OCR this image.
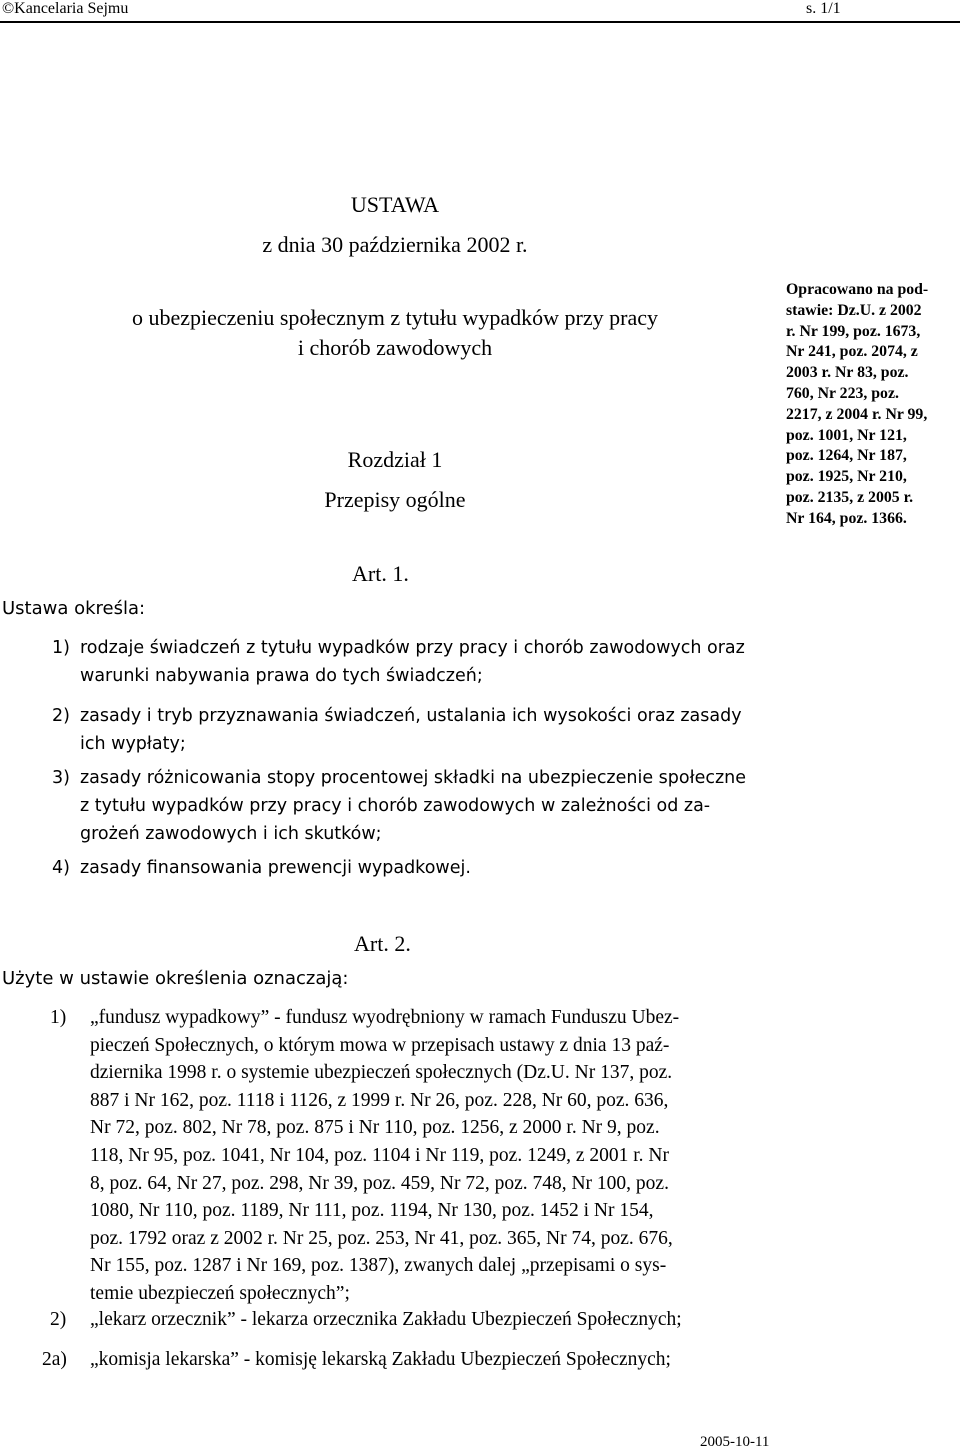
©Kancelaria Sejmu	s. 1/1
USTAWA
z dnia 30 października 2002 r.
o ubezpieczeniu społecznym z tytułu wypadków przy pracy
i chorób zawodowych
Opracowano na pod-
stawie: Dz.U. z 2002
r. Nr 199, poz. 1673,
Nr 241, poz. 2074, z
2003 r. Nr 83, poz.
760, Nr 223, poz.
2217, z 2004 r. Nr 99,
poz. 1001, Nr 121,
poz. 1264, Nr 187,
poz. 1925, Nr 210,
poz. 2135, z 2005 r.
Nr 164, poz. 1366.
Rozdział 1
Przepisy ogólne
Art. 1.
Ustawa określa:
1) rodzaje świadczeń z tytułu wypadków przy pracy i chorób zawodowych oraz
warunki nabywania prawa do tych świadczeń;
2) zasady i tryb przyznawania świadczeń, ustalania ich wysokości oraz zasady
ich wypłaty;
3) zasady różnicowania stopy procentowej składki na ubezpieczenie społeczne
z tytułu wypadków przy pracy i chorób zawodowych w zależności od za-
grożeń zawodowych i ich skutków;
4) zasady finansowania prewencji wypadkowej.
Art. 2.
Użyte w ustawie określenia oznaczają:
1)	„fundusz wypadkowy” - fundusz wyodrębniony w ramach Funduszu Ubez-
pieczeń Społecznych, o którym mowa w przepisach ustawy z dnia 13 paź-
dziernika 1998 r. o systemie ubezpieczeń społecznych (Dz.U. Nr 137, poz.
887 i Nr 162, poz. 1118 i 1126, z 1999 r. Nr 26, poz. 228, Nr 60, poz. 636,
Nr 72, poz. 802, Nr 78, poz. 875 i Nr 110, poz. 1256, z 2000 r. Nr 9, poz.
118, Nr 95, poz. 1041, Nr 104, poz. 1104 i Nr 119, poz. 1249, z 2001 r. Nr
8, poz. 64, Nr 27, poz. 298, Nr 39, poz. 459, Nr 72, poz. 748, Nr 100, poz.
1080, Nr 110, poz. 1189, Nr 111, poz. 1194, Nr 130, poz. 1452 i Nr 154,
poz. 1792 oraz z 2002 r. Nr 25, poz. 253, Nr 41, poz. 365, Nr 74, poz. 676,
Nr 155, poz. 1287 i Nr 169, poz. 1387), zwanych dalej „przepisami o sys-
temie ubezpieczeń społecznych”;
2)	„lekarz orzecznik” - lekarza orzecznika Zakładu Ubezpieczeń Społecznych;
2a)	„komisja lekarska” - komisję lekarską Zakładu Ubezpieczeń Społecznych;
2005-10-11
